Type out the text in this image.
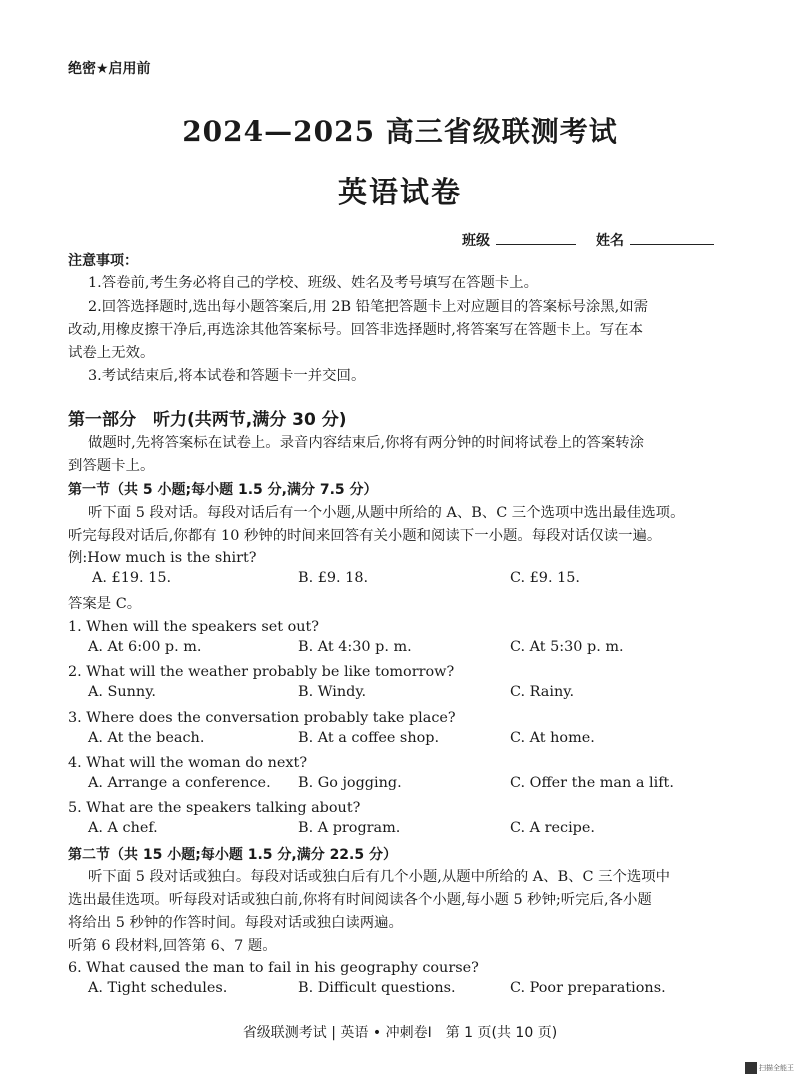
绝密★启用前
2024—2025 高三省级联测考试
英语试卷
班级	姓名
注意事项：
1.答卷前,考生务必将自己的学校、班级、姓名及考号填写在答题卡上。
2.回答选择题时,选出每小题答案后,用 2B 铅笔把答题卡上对应题目的答案标号涂黑,如需
改动,用橡皮擦干净后,再选涂其他答案标号。回答非选择题时,将答案写在答题卡上。写在本
试卷上无效。
3.考试结束后,将本试卷和答题卡一并交回。
第一部分　听力(共两节,满分 30 分)
做题时,先将答案标在试卷上。录音内容结束后,你将有两分钟的时间将试卷上的答案转涂
到答题卡上。
第一节（共 5 小题;每小题 1.5 分,满分 7.5 分）
听下面 5 段对话。每段对话后有一个小题,从题中所给的 A、B、C 三个选项中选出最佳选项。
听完每段对话后,你都有 10 秒钟的时间来回答有关小题和阅读下一小题。每段对话仅读一遍。
例:How much is the shirt?
A. £19. 15.	B. £9. 18.	C. £9. 15.
答案是 C。
1. When will the speakers set out?
A. At 6:00 p. m.	B. At 4:30 p. m.	C. At 5:30 p. m.
2. What will the weather probably be like tomorrow?
A. Sunny.	B. Windy.	C. Rainy.
3. Where does the conversation probably take place?
A. At the beach.	B. At a coffee shop.	C. At home.
4. What will the woman do next?
A. Arrange a conference. B. Go jogging.	C. Offer the man a lift.
5. What are the speakers talking about?
A. A chef.	B. A program.	C. A recipe.
第二节（共 15 小题;每小题 1.5 分,满分 22.5 分）
听下面 5 段对话或独白。每段对话或独白后有几个小题,从题中所给的 A、B、C 三个选项中
选出最佳选项。听每段对话或独白前,你将有时间阅读各个小题,每小题 5 秒钟;听完后,各小题
将给出 5 秒钟的作答时间。每段对话或独白读两遍。
听第 6 段材料,回答第 6、7 题。
6. What caused the man to fail in his geography course?
A. Tight schedules.	B. Difficult questions.	C. Poor preparations.
省级联测考试 | 英语 • 冲刺卷Ⅰ　第 1 页(共 10 页)
扫描全能王
